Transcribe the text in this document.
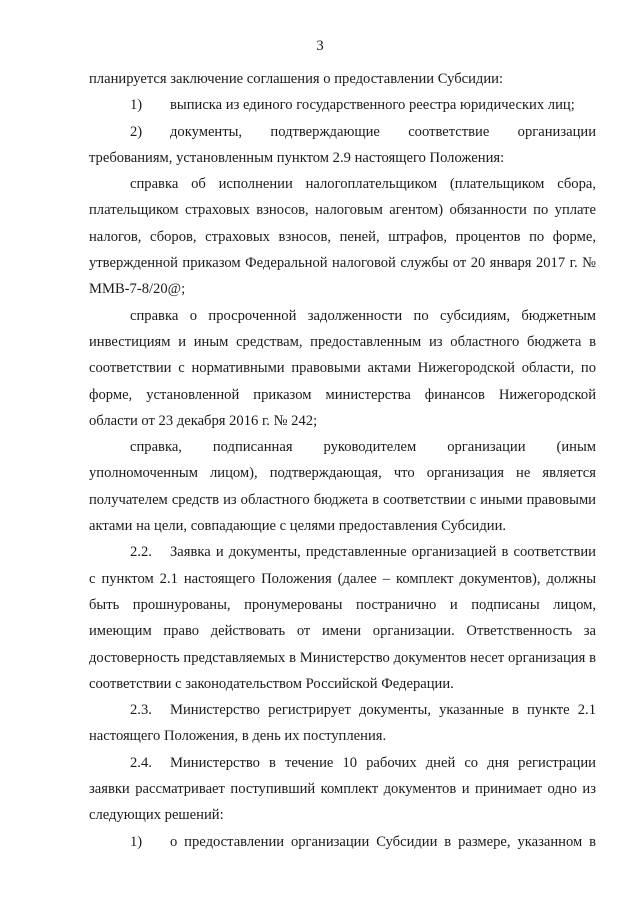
3

планируется заключение соглашения о предоставлении Субсидии:

1) выписка из единого государственного реестра юридических лиц;

2) документы, подтверждающие соответствие организации требованиям, установленным пунктом 2.9 настоящего Положения:

справка об исполнении налогоплательщиком (плательщиком сбора, плательщиком страховых взносов, налоговым агентом) обязанности по уплате налогов, сборов, страховых взносов, пеней, штрафов, процентов по форме, утвержденной приказом Федеральной налоговой службы от 20 января 2017 г. № ММВ-7-8/20@;

справка о просроченной задолженности по субсидиям, бюджетным инвестициям и иным средствам, предоставленным из областного бюджета в соответствии с нормативными правовыми актами Нижегородской области, по форме, установленной приказом министерства финансов Нижегородской области от 23 декабря 2016 г. № 242;

справка, подписанная руководителем организации (иным уполномоченным лицом), подтверждающая, что организация не является получателем средств из областного бюджета в соответствии с иными правовыми актами на цели, совпадающие с целями предоставления Субсидии.

2.2. Заявка и документы, представленные организацией в соответствии с пунктом 2.1 настоящего Положения (далее – комплект документов), должны быть прошнурованы, пронумерованы постранично и подписаны лицом, имеющим право действовать от имени организации. Ответственность за достоверность представляемых в Министерство документов несет организация в соответствии с законодательством Российской Федерации.

2.3. Министерство регистрирует документы, указанные в пункте 2.1 настоящего Положения, в день их поступления.

2.4. Министерство в течение 10 рабочих дней со дня регистрации заявки рассматривает поступивший комплект документов и принимает одно из следующих решений:

1) о предоставлении организации Субсидии в размере, указанном в
